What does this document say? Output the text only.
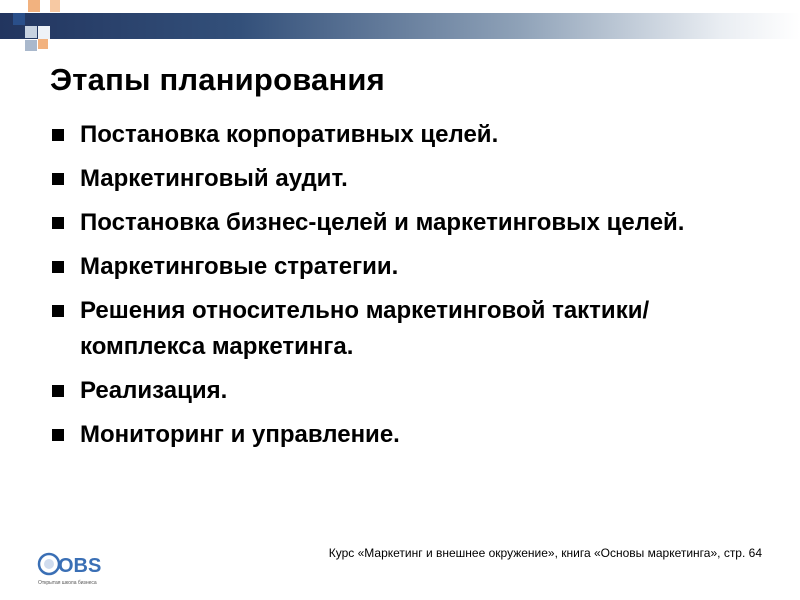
Этапы планирования
Постановка корпоративных целей.
Маркетинговый аудит.
Постановка бизнес-целей и маркетинговых целей.
Маркетинговые стратегии.
Решения относительно маркетинговой тактики/комплекса маркетинга.
Реализация.
Мониторинг и управление.
OBS
Открытая школа бизнеса
Курс «Маркетинг и внешнее окружение», книга «Основы маркетинга», стр. 64
